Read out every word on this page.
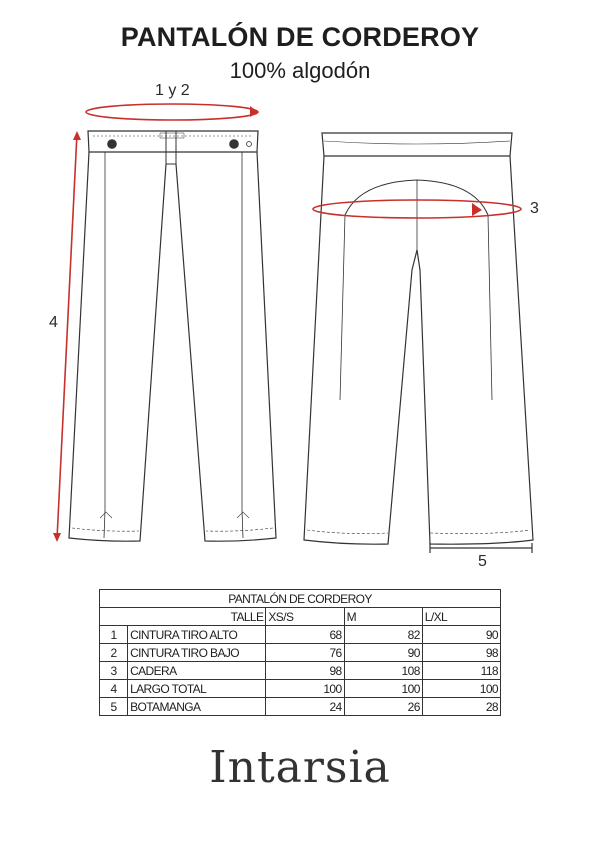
PANTALÓN DE CORDEROY
100% algodón
1 y 2
3
4
5
PANTALÓN DE CORDEROY				
TALLE		XS/S	M	L/XL
1	CINTURA TIRO ALTO	68	82	90
2	CINTURA TIRO BAJO	76	90	98
3	CADERA	98	108	118
4	LARGO TOTAL	100	100	100
5	BOTAMANGA	24	26	28
Intarsia
